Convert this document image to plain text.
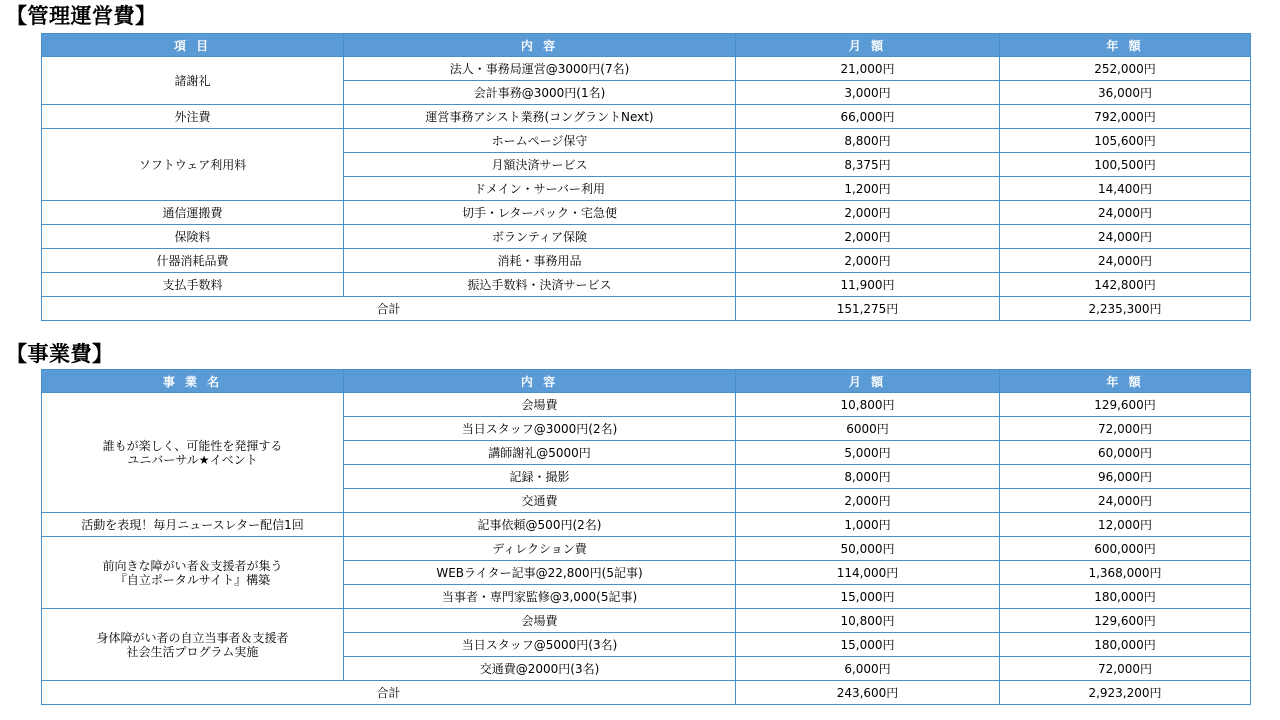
【管理運営費】
項 目	内 容	月 額	年 額

諸謝礼	法人・事務局運営@3000円(7名)	21,000円	252,000円
	会計事務@3000円(1名)	3,000円	36,000円

外注費	運営事務アシスト業務(コングラントNext)	66,000円	792,000円

ソフトウェア利用料	ホームページ保守	8,800円	105,600円
	月額決済サービス	8,375円	100,500円
	ドメイン・サーバー利用	1,200円	14,400円

通信運搬費	切手・レターパック・宅急便	2,000円	24,000円

保険料	ボランティア保険	2,000円	24,000円

什器消耗品費	消耗・事務用品	2,000円	24,000円

支払手数料	振込手数料・決済サービス	11,900円	142,800円
合計		151,275円	2,235,300円
【事業費】
事 業 名	内 容	月 額	年 額

誰もが楽しく、可能性を発揮する
ユニバーサル★イベント	会場費	10,800円	129,600円
	当日スタッフ@3000円(2名)	6000円	72,000円
	講師謝礼@5000円	5,000円	60,000円
	記録・撮影	8,000円	96,000円
	交通費	2,000円	24,000円

活動を表現！毎月ニュースレター配信1回	記事依頼@500円(2名)	1,000円	12,000円

前向きな障がい者＆支援者が集う
『自立ポータルサイト』構築	ディレクション費	50,000円	600,000円
	WEBライター記事@22,800円(5記事)	114,000円	1,368,000円
	当事者・専門家監修@3,000(5記事)	15,000円	180,000円

身体障がい者の自立当事者＆支援者
社会生活プログラム実施	会場費	10,800円	129,600円
	当日スタッフ@5000円(3名)	15,000円	180,000円
	交通費@2000円(3名)	6,000円	72,000円
合計		243,600円	2,923,200円
